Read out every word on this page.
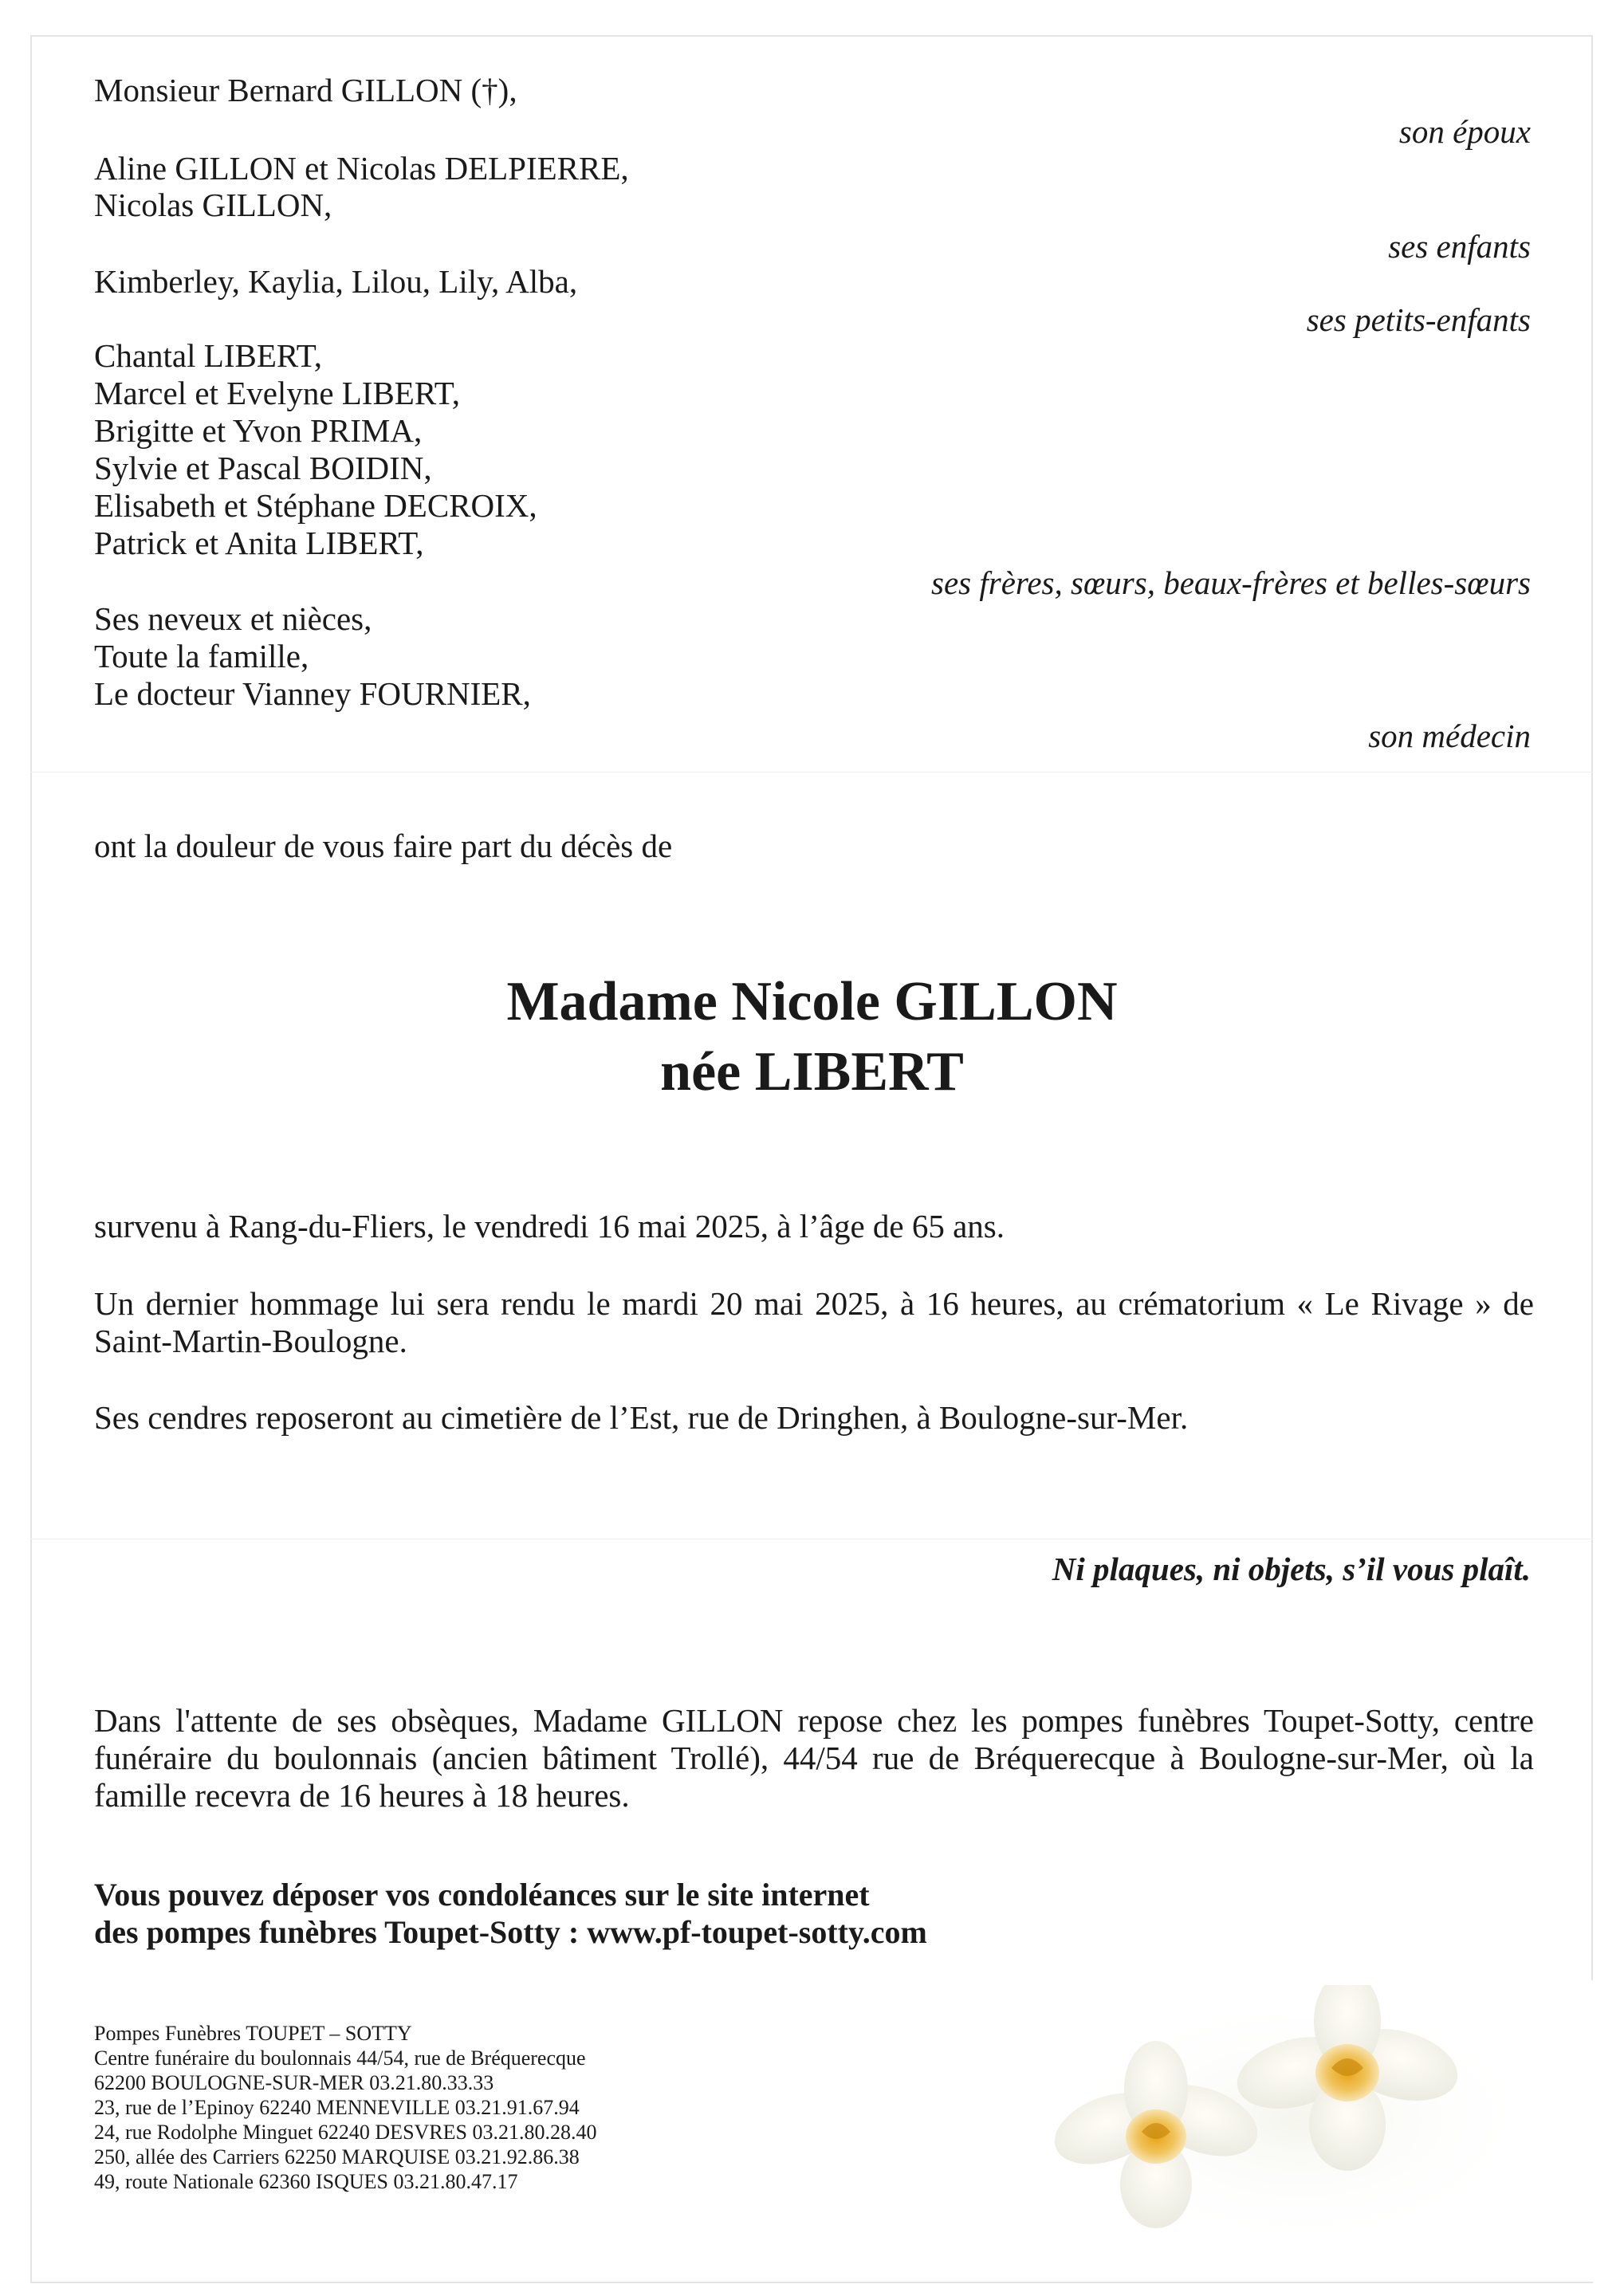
Monsieur Bernard GILLON (†),
Aline GILLON et Nicolas DELPIERRE,
Nicolas GILLON,
Kimberley, Kaylia, Lilou, Lily, Alba,
Chantal LIBERT,
Marcel et Evelyne LIBERT,
Brigitte et Yvon PRIMA,
Sylvie et Pascal BOIDIN,
Elisabeth et Stéphane DECROIX,
Patrick et Anita LIBERT,
Ses neveux et nièces,
Toute la famille,
Le docteur Vianney FOURNIER,
son époux
ses enfants
ses petits-enfants
ses frères, sœurs, beaux-frères et belles-sœurs
son médecin
ont la douleur de vous faire part du décès de
Madame Nicole GILLON
née LIBERT
survenu à Rang-du-Fliers, le vendredi 16 mai 2025, à l’âge de 65 ans.
Un dernier hommage lui sera rendu le mardi 20 mai 2025, à 16 heures, au crématorium « Le Rivage » de
Saint-Martin-Boulogne.
Ses cendres reposeront au cimetière de l’Est, rue de Dringhen, à Boulogne-sur-Mer.
Ni plaques, ni objets, s’il vous plaît.
Dans l'attente de ses obsèques, Madame GILLON repose chez les pompes funèbres Toupet-Sotty, centre
funéraire du boulonnais (ancien bâtiment Trollé), 44/54 rue de Bréquerecque à Boulogne-sur-Mer, où la
famille recevra de 16 heures à 18 heures.
Vous pouvez déposer vos condoléances sur le site internet
des pompes funèbres Toupet-Sotty : www.pf-toupet-sotty.com
Pompes Funèbres TOUPET – SOTTY
Centre funéraire du boulonnais 44/54, rue de Bréquerecque
62200 BOULOGNE-SUR-MER 03.21.80.33.33
23, rue de l’Epinoy 62240 MENNEVILLE 03.21.91.67.94
24, rue Rodolphe Minguet 62240 DESVRES 03.21.80.28.40
250, allée des Carriers 62250 MARQUISE 03.21.92.86.38
49, route Nationale 62360 ISQUES 03.21.80.47.17
